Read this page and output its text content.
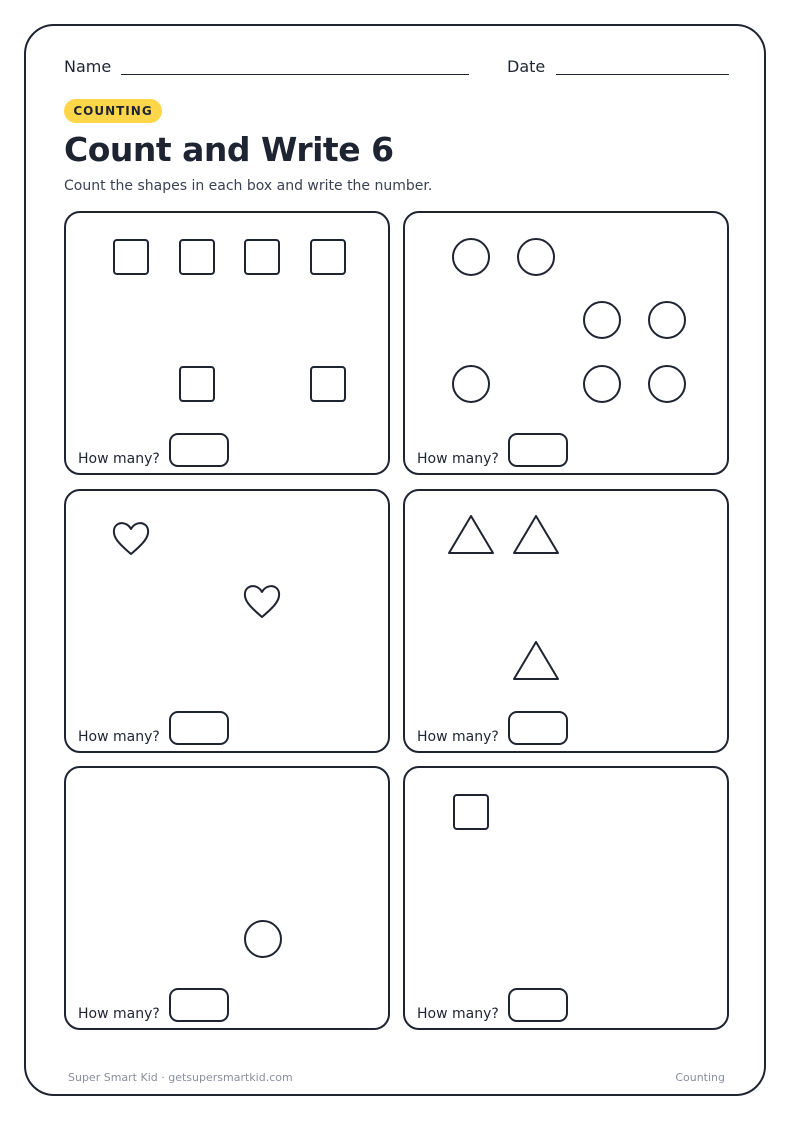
Name	Date
COUNTING
Count and Write 6
Count the shapes in each box and write the number.
How many?	How many?
How many?	How many?
How many?	How many?
Super Smart Kid · getsupersmartkid.com	Counting
